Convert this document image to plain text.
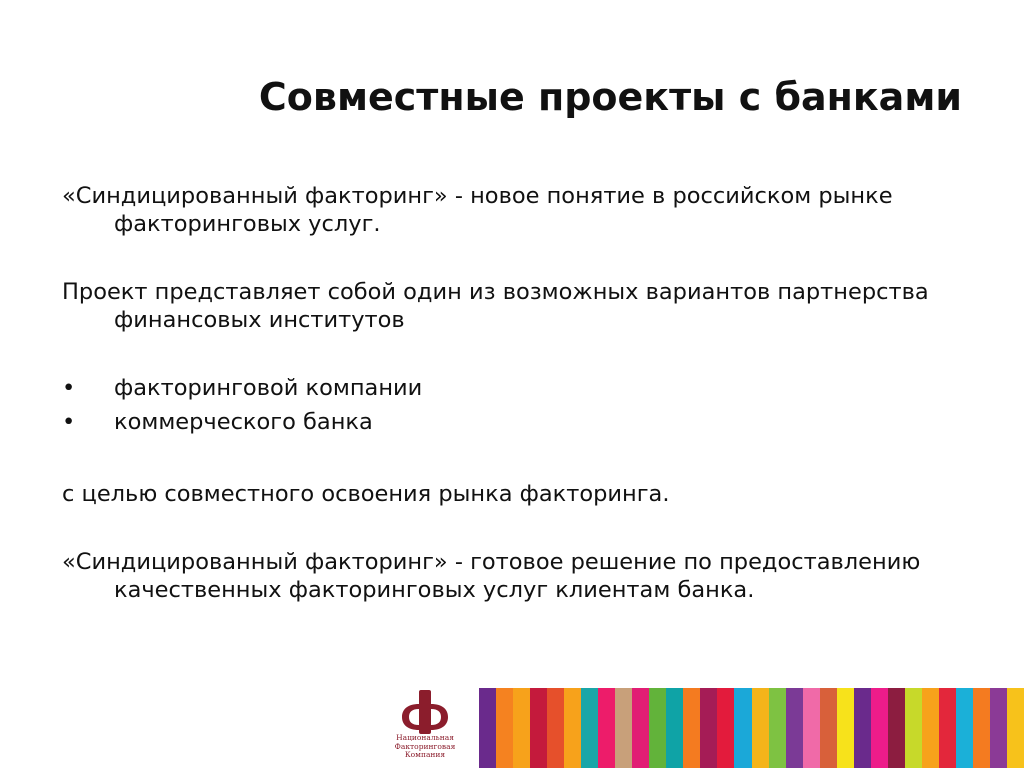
Совместные проекты с банками

«Синдицированный факторинг» - новое понятие в российском рынке факторинговых услуг.

Проект представляет собой один из возможных вариантов партнерства финансовых институтов

• факторинговой компании
• коммерческого банка

с целью совместного освоения рынка факторинга.

«Синдицированный факторинг» - готовое решение по предоставлению качественных факторинговых услуг клиентам банка.

Национальная
Факторинговая
Компания
